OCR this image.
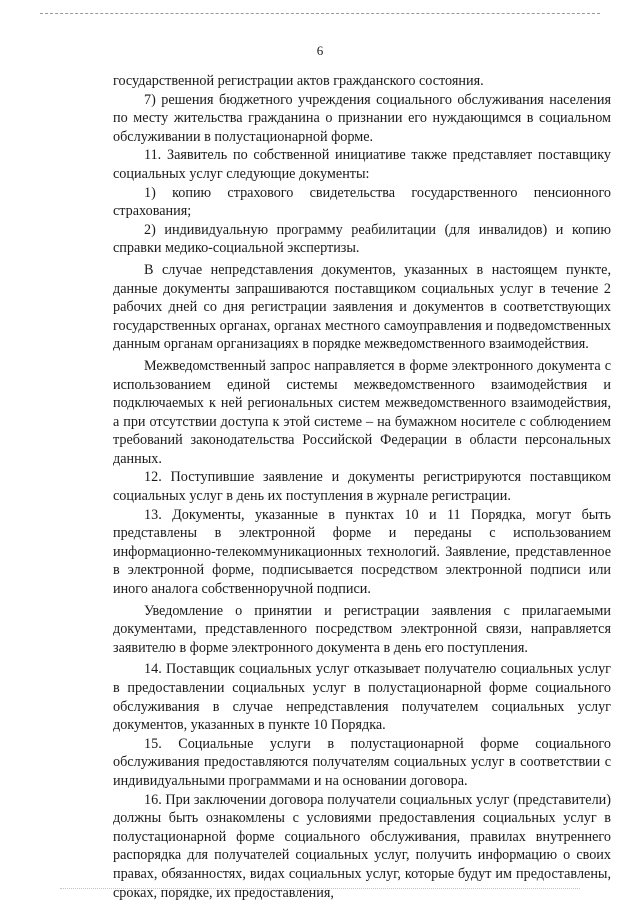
6

государственной регистрации актов гражданского состояния.

7) решения бюджетного учреждения социального обслуживания населения по месту жительства гражданина о признании его нуждающимся в социальном обслуживании в полустационарной форме.

11. Заявитель по собственной инициативе также представляет поставщику социальных услуг следующие документы:

1) копию страхового свидетельства государственного пенсионного страхования;

2) индивидуальную программу реабилитации (для инвалидов) и копию справки медико-социальной экспертизы.

В случае непредставления документов, указанных в настоящем пункте, данные документы запрашиваются поставщиком социальных услуг в течение 2 рабочих дней со дня регистрации заявления и документов в соответствующих государственных органах, органах местного самоуправления и подведомственных данным органам организациях в порядке межведомственного взаимодействия.

Межведомственный запрос направляется в форме электронного документа с использованием единой системы межведомственного взаимодействия и подключаемых к ней региональных систем межведомственного взаимодействия, а при отсутствии доступа к этой системе – на бумажном носителе с соблюдением требований законодательства Российской Федерации в области персональных данных.

12. Поступившие заявление и документы регистрируются поставщиком социальных услуг в день их поступления в журнале регистрации.

13. Документы, указанные в пунктах 10 и 11 Порядка, могут быть представлены в электронной форме и переданы с использованием информационно-телекоммуникационных технологий. Заявление, представленное в электронной форме, подписывается посредством электронной подписи или иного аналога собственноручной подписи.

Уведомление о принятии и регистрации заявления с прилагаемыми документами, представленного посредством электронной связи, направляется заявителю в форме электронного документа в день его поступления.

14. Поставщик социальных услуг отказывает получателю социальных услуг в предоставлении социальных услуг в полустационарной форме социального обслуживания в случае непредставления получателем социальных услуг документов, указанных в пункте 10 Порядка.

15. Социальные услуги в полустационарной форме социального обслуживания предоставляются получателям социальных услуг в соответствии с индивидуальными программами и на основании договора.

16. При заключении договора получатели социальных услуг (представители) должны быть ознакомлены с условиями предоставления социальных услуг в полустационарной форме социального обслуживания, правилах внутреннего распорядка для получателей социальных услуг, получить информацию о своих правах, обязанностях, видах социальных услуг, которые будут им предоставлены, сроках, порядке, их предоставления,
